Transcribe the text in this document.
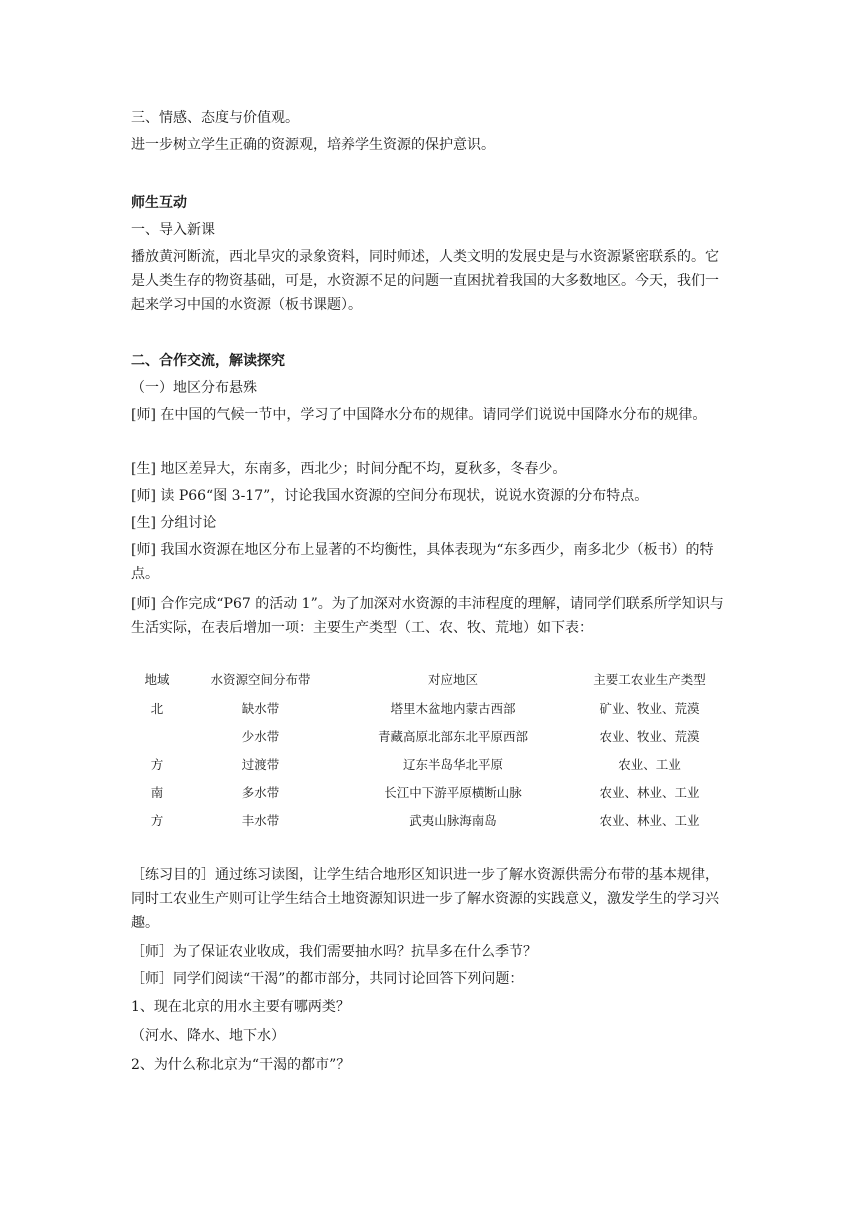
三、情感、态度与价值观。

进一步树立学生正确的资源观，培养学生资源的保护意识。

师生互动

一、导入新课

播放黄河断流，西北旱灾的录象资料，同时师述，人类文明的发展史是与水资源紧密联系的。它是人类生存的物资基础，可是，水资源不足的问题一直困扰着我国的大多数地区。今天，我们一起来学习中国的水资源（板书课题）。

二、合作交流，解读探究

（一）地区分布悬殊

[师] 在中国的气候一节中，学习了中国降水分布的规律。请同学们说说中国降水分布的规律。

[生] 地区差异大，东南多，西北少；时间分配不均，夏秋多，冬春少。

[师] 读 P66“图 3-17”，讨论我国水资源的空间分布现状，说说水资源的分布特点。

[生] 分组讨论

[师] 我国水资源在地区分布上显著的不均衡性，具体表现为“东多西少，南多北少（板书）的特点。

[师] 合作完成“P67 的活动 1”。为了加深对水资源的丰沛程度的理解，请同学们联系所学知识与生活实际，在表后增加一项：主要生产类型（工、农、牧、荒地）如下表：

地域	水资源空间分布带	对应地区	主要工农业生产类型
北	缺水带	塔里木盆地内蒙古西部	矿业、牧业、荒漠
	少水带	青藏高原北部东北平原西部	农业、牧业、荒漠
方	过渡带	辽东半岛华北平原	农业、工业
南	多水带	长江中下游平原横断山脉	农业、林业、工业
方	丰水带	武夷山脉海南岛	农业、林业、工业

［练习目的］通过练习读图，让学生结合地形区知识进一步了解水资源供需分布带的基本规律，同时工农业生产则可让学生结合土地资源知识进一步了解水资源的实践意义，激发学生的学习兴趣。

［师］为了保证农业收成，我们需要抽水吗？抗旱多在什么季节？

［师］同学们阅读“干渴”的都市部分，共同讨论回答下列问题：

1、现在北京的用水主要有哪两类？

（河水、降水、地下水）

2、为什么称北京为“干渴的都市”？
